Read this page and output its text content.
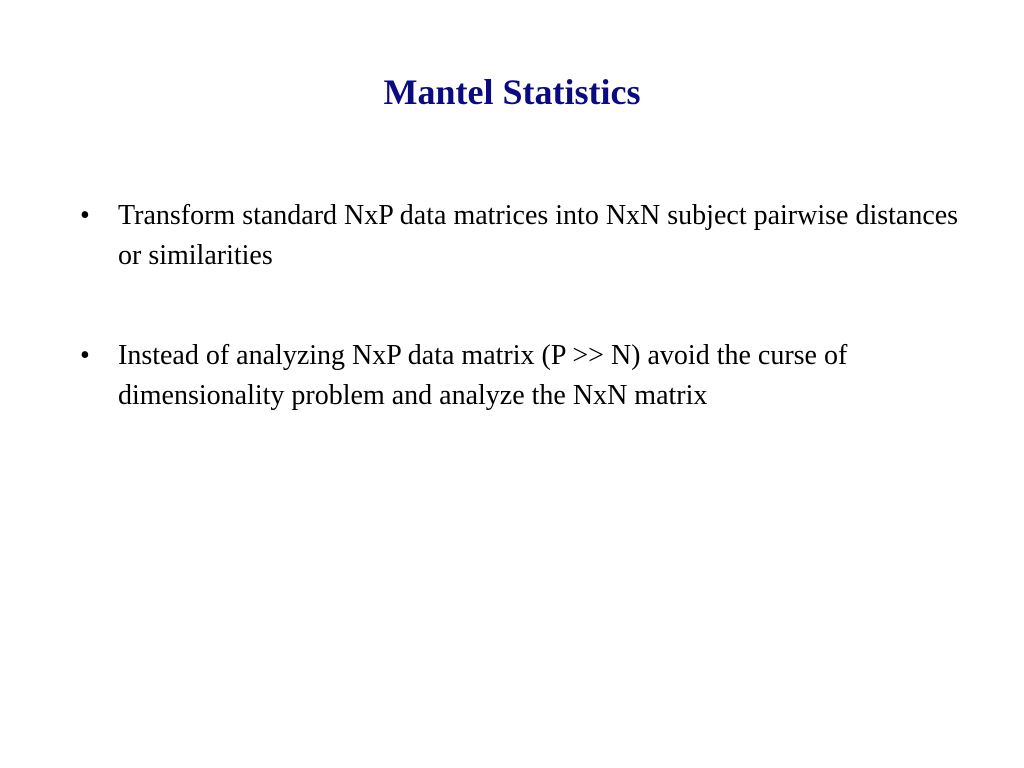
Mantel Statistics
•	Transform standard NxP data matrices into NxN subject pairwise distances or similarities
•	Instead of analyzing NxP data matrix (P >> N) avoid the curse of dimensionality problem and analyze the NxN matrix
